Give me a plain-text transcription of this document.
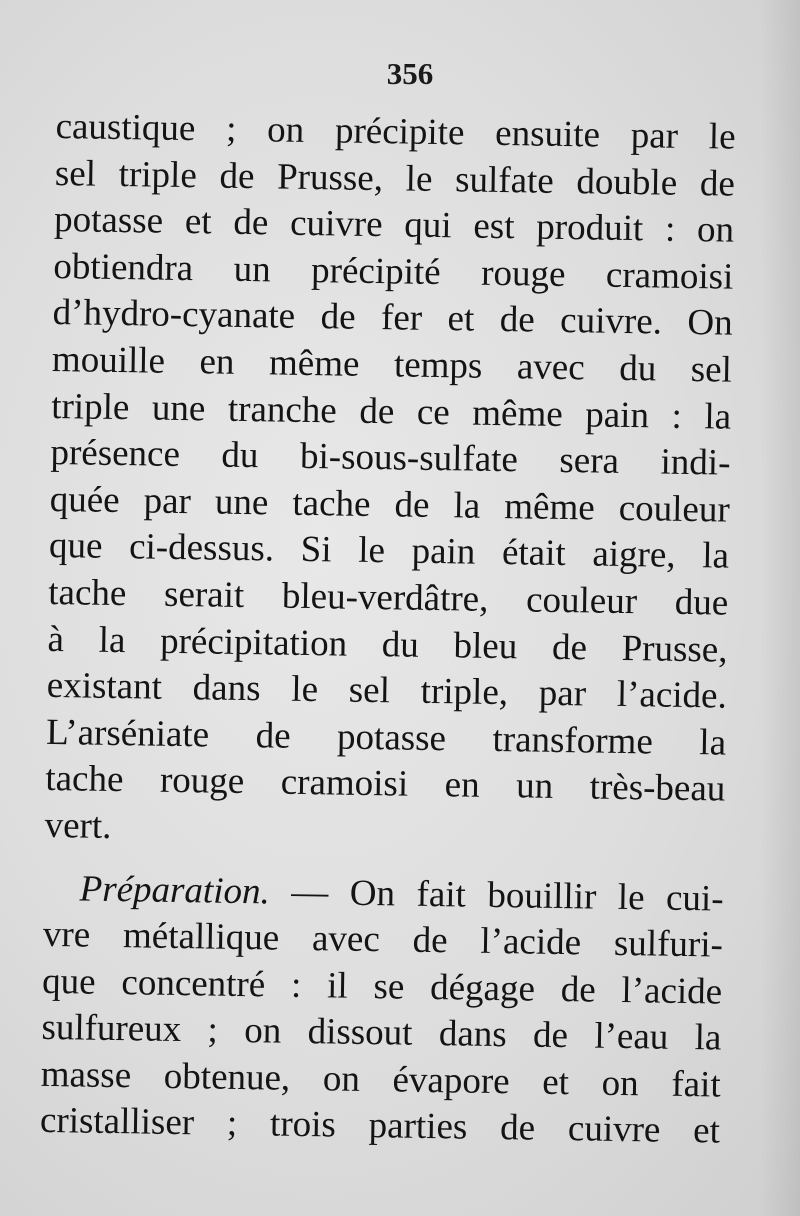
356
caustique ; on précipite ensuite par le
sel triple de Prusse, le sulfate double de
potasse et de cuivre qui est produit : on
obtiendra un précipité rouge cramoisi
d’hydro-cyanate de fer et de cuivre. On
mouille en même temps avec du sel
triple une tranche de ce même pain : la
présence du bi-sous-sulfate sera indi-
quée par une tache de la même couleur
que ci-dessus. Si le pain était aigre, la
tache serait bleu-verdâtre, couleur due
à la précipitation du bleu de Prusse,
existant dans le sel triple, par l’acide.
L’arséniate de potasse transforme la
tache rouge cramoisi en un très-beau
vert.
Préparation. — On fait bouillir le cui-
vre métallique avec de l’acide sulfuri-
que concentré : il se dégage de l’acide
sulfureux ; on dissout dans de l’eau la
masse obtenue, on évapore et on fait
cristalliser ; trois parties de cuivre et
